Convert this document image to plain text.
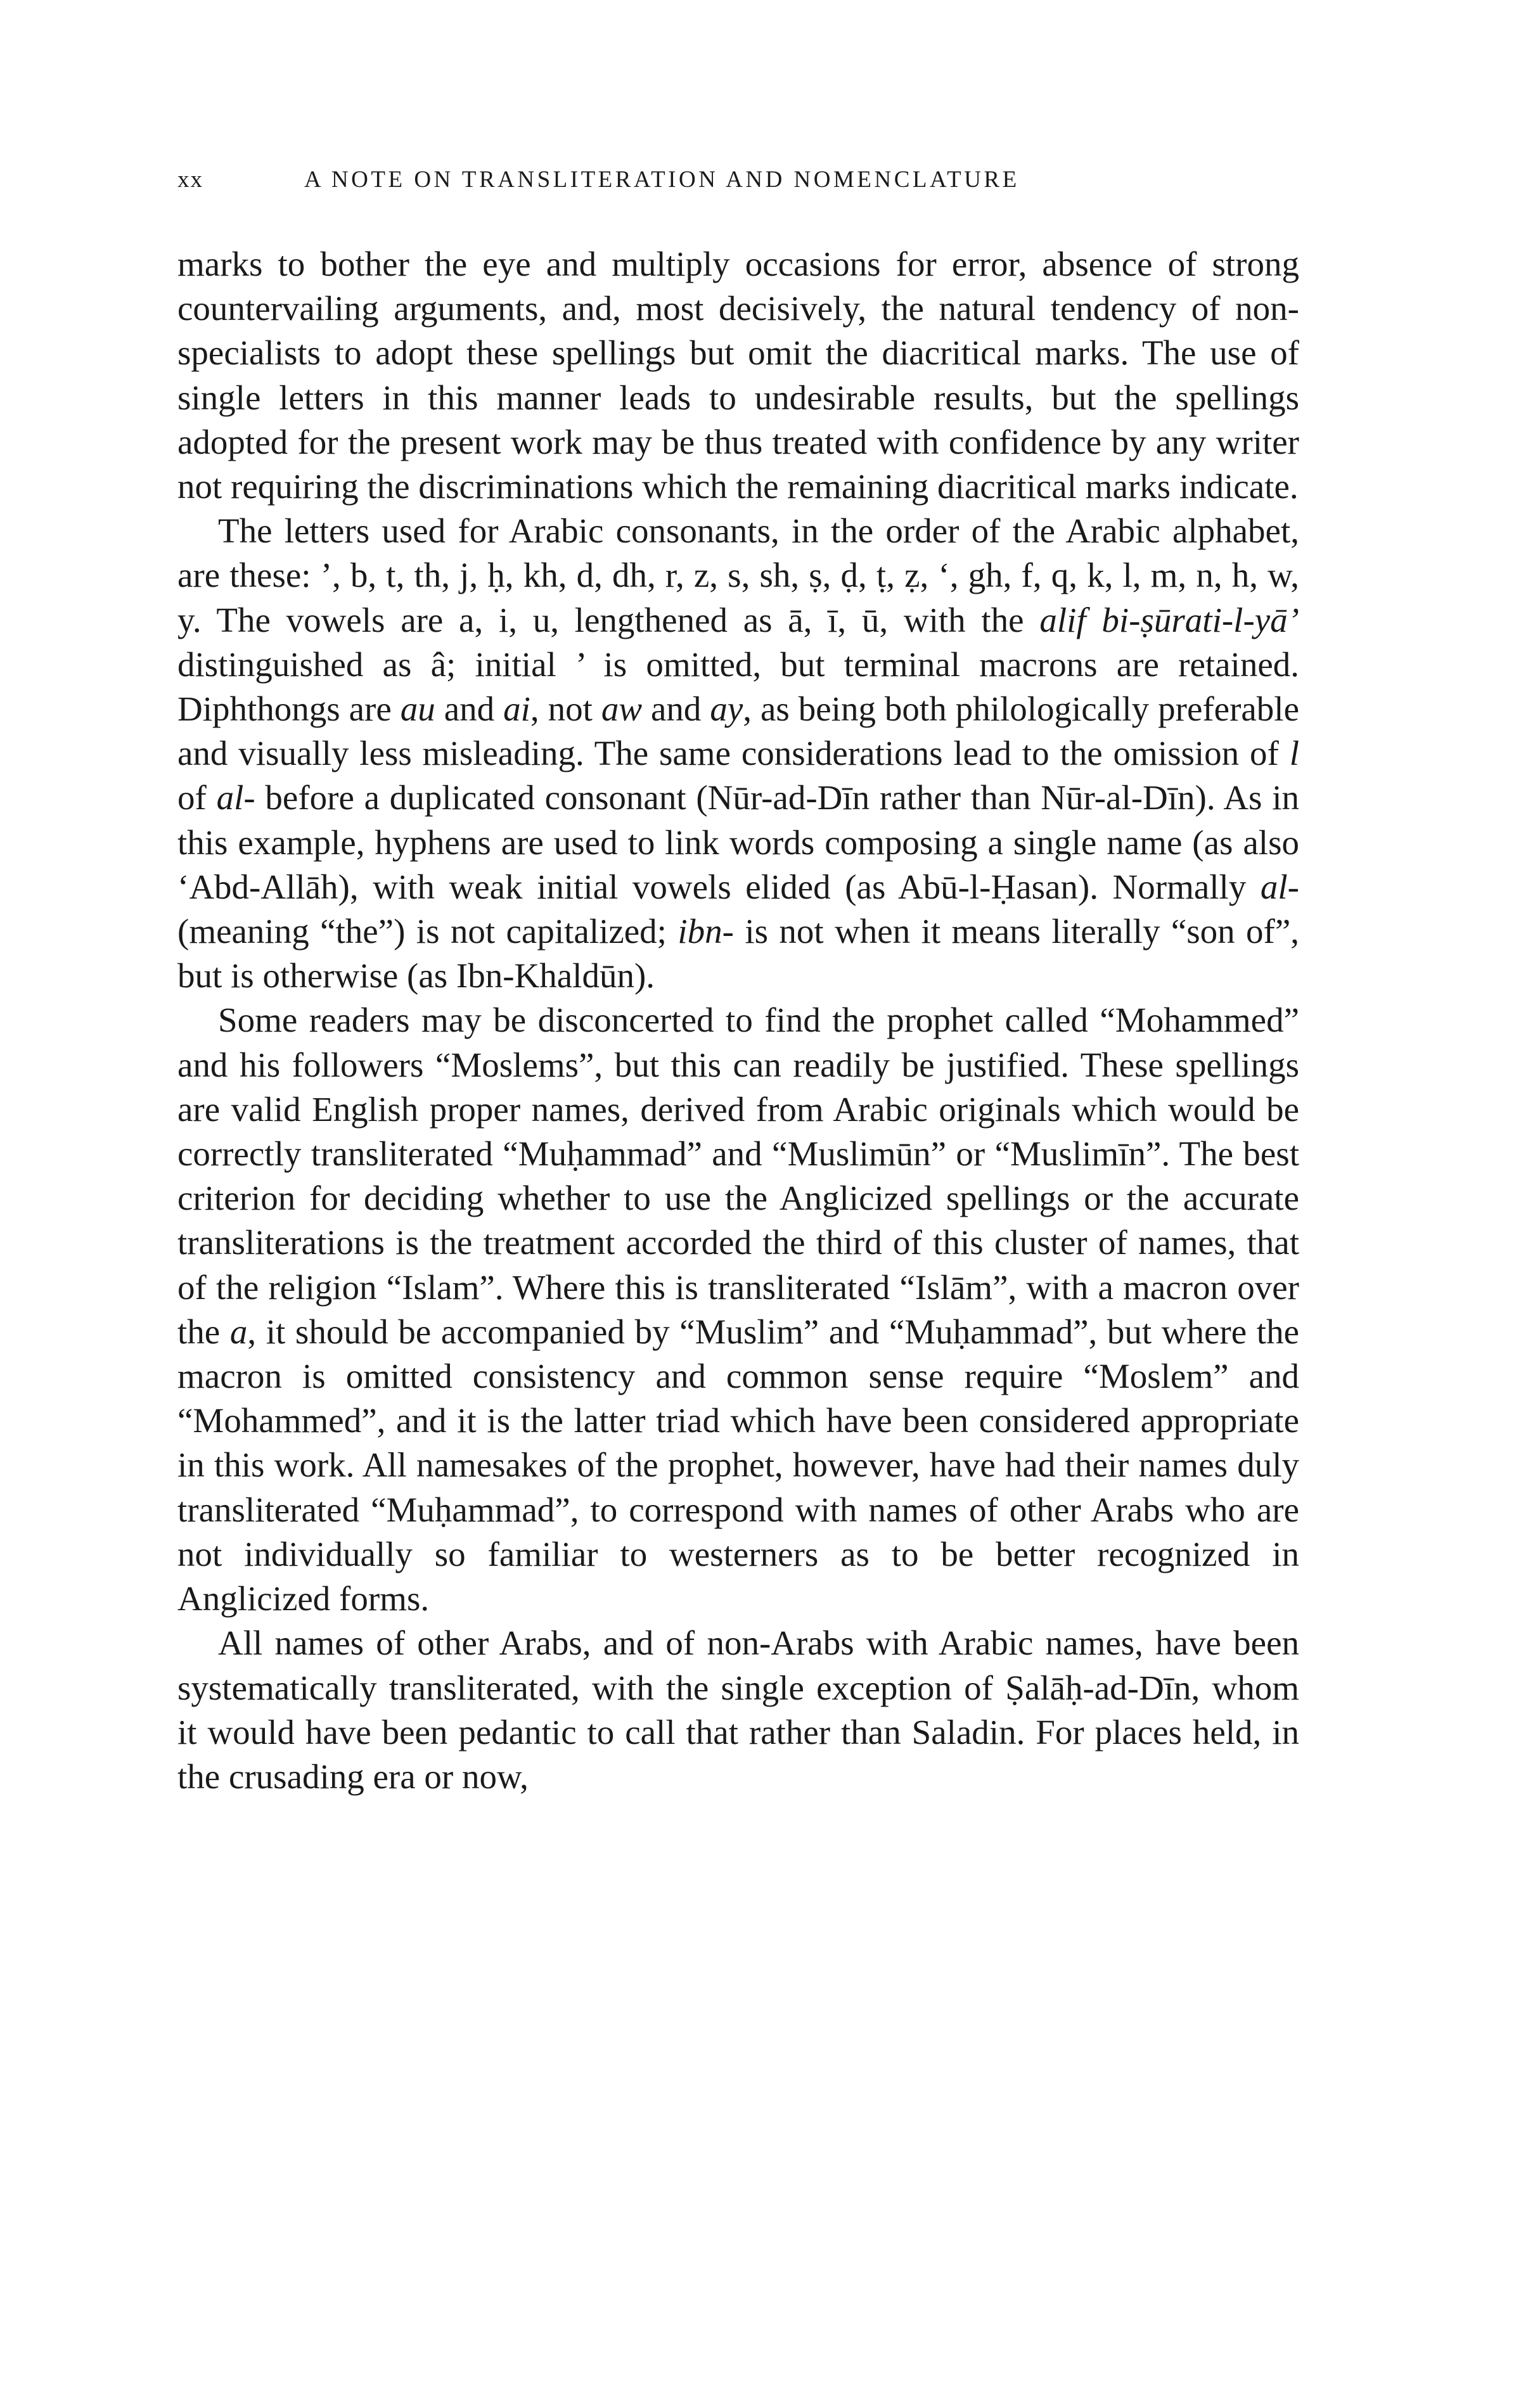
xx	A NOTE ON TRANSLITERATION AND NOMENCLATURE

marks to bother the eye and multiply occasions for error, absence of strong countervailing arguments, and, most decisively, the natural tendency of non-specialists to adopt these spellings but omit the diacritical marks. The use of single letters in this manner leads to undesirable results, but the spellings adopted for the present work may be thus treated with confidence by any writer not requiring the discriminations which the remaining diacritical marks indicate.

The letters used for Arabic consonants, in the order of the Arabic alphabet, are these: ’, b, t, th, j, ḥ, kh, d, dh, r, z, s, sh, ṣ, ḍ, ṭ, ẓ, ‘, gh, f, q, k, l, m, n, h, w, y. The vowels are a, i, u, lengthened as ā, ī, ū, with the alif bi-ṣūrati-l-yā’ distinguished as â; initial ’ is omitted, but terminal macrons are retained. Diphthongs are au and ai, not aw and ay, as being both philologically preferable and visually less misleading. The same considerations lead to the omission of l of al- before a duplicated consonant (Nūr-ad-Dīn rather than Nūr-al-Dīn). As in this example, hyphens are used to link words composing a single name (as also ‘Abd-Allāh), with weak initial vowels elided (as Abū-l-Ḥasan). Normally al- (meaning “the”) is not capitalized; ibn- is not when it means literally “son of”, but is otherwise (as Ibn-Khaldūn).

Some readers may be disconcerted to find the prophet called “Mohammed” and his followers “Moslems”, but this can readily be justified. These spellings are valid English proper names, derived from Arabic originals which would be correctly transliterated “Muḥammad” and “Muslimūn” or “Muslimīn”. The best criterion for deciding whether to use the Anglicized spellings or the accurate transliterations is the treatment accorded the third of this cluster of names, that of the religion “Islam”. Where this is transliterated “Islām”, with a macron over the a, it should be accompanied by “Muslim” and “Muḥammad”, but where the macron is omitted consistency and common sense require “Moslem” and “Mohammed”, and it is the latter triad which have been considered appropriate in this work. All namesakes of the prophet, however, have had their names duly transliterated “Muḥammad”, to correspond with names of other Arabs who are not individually so familiar to westerners as to be better recognized in Anglicized forms.

All names of other Arabs, and of non-Arabs with Arabic names, have been systematically transliterated, with the single exception of Ṣalāḥ-ad-Dīn, whom it would have been pedantic to call that rather than Saladin. For places held, in the crusading era or now,
